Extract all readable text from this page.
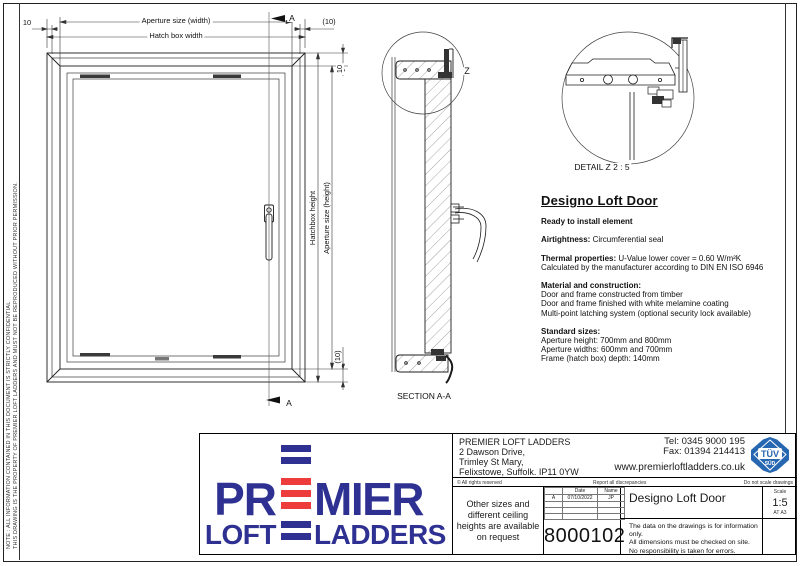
NOTE : ALL INFORMATION CONTAINED IN THIS DOCUMENT IS STRICTLY CONFIDENTIAL THIS DRAWING IS THE PROPERTY OF PREMIER LOFT LADDERS AND MUST NOT BE REPRODUCED WITHOUT PRIOR PERMISSION.
Aperture size (width)
Hatch box width
10	(10)
A
A
10
Hatchbox height Aperture size (height)
(10)
Z
SECTION A-A
DETAIL Z 2 : 5
Designo Loft Door
Ready to install element
Airtightness: Circumferential seal
Thermal properties: U-Value lower cover = 0.60 W/m²K
Calculated by the manufacturer according to DIN EN ISO 6946
Material and construction:
Door and frame constructed from timber
Door and frame finished with white melamine coating
Multi-point latching system (optional security lock available)
Standard sizes:
Aperture height: 700mm and 800mm
Aperture widths: 600mm and 700mm
Frame (hatch box) depth: 140mm
PR MIER
LOFT LADDERS
PREMIER LOFT LADDERS
2 Dawson Drive,
Trimley St Mary,
Felixstowe, Suffolk. IP11 0YW
Tel: 0345 9000 195
Fax: 01394 214413
www.premierloftladders.co.uk
TÜV
SÜD
© All rights reserved	Report all discrepancies	Do not scale drawings
Other sizes and different ceiling heights are available on request
	Date	Name
A	07/10/2022	JP

8000102
Designo Loft Door
The data on the drawings is for information only.
All dimensions must be checked on site.
No responsibility is taken for errors.
Scale
1:5
AT A3
